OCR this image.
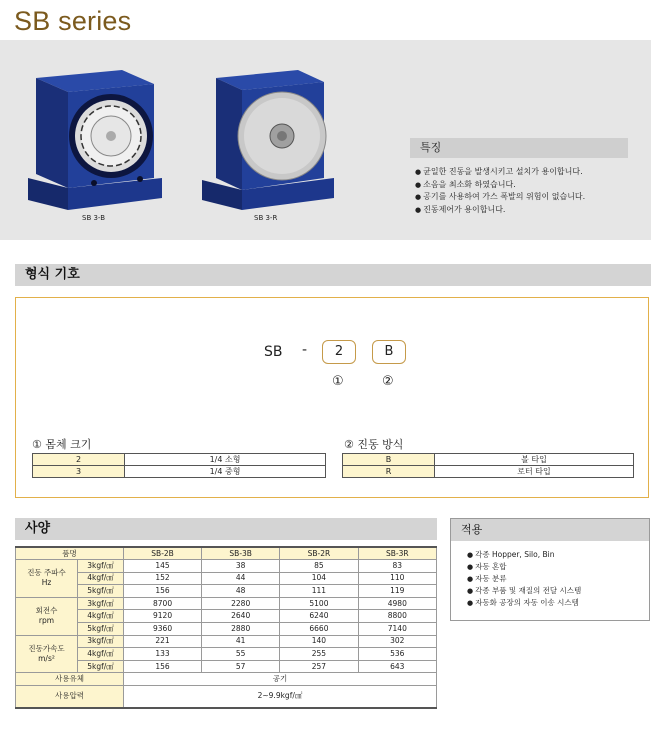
SB series
SB 3-B	SB 3-R
특징
● 균일한 진동을 발생시키고 설치가 용이합니다.
● 소음을 최소화 하였습니다.
● 공기를 사용하여 가스 폭발의 위험이 없습니다.
● 진동제어가 용이합니다.
형식 기호
SB -	2	B
①	②
① 몸체 크기
2	1/4 소형
3	1/4 중형
② 진동 방식
B	볼 타입
R	로터 타입
사양
품명		SB-2B	SB-3B	SB-2R	SB-3R
진동 주파수
Hz	3kgf/㎠	145	38	85	83
	4kgf/㎠	152	44	104	110
	5kgf/㎠	156	48	111	119
회전수
rpm	3kgf/㎠	8700	2280	5100	4980
	4kgf/㎠	9120	2640	6240	8800
	5kgf/㎠	9360	2880	6660	7140
진동가속도
m/s²	3kgf/㎠	221	41	140	302
	4kgf/㎠	133	55	255	536
	5kgf/㎠	156	57	257	643
사용유체		공기			
사용압력		2~9.9kgf/㎠			
적용
● 각종 Hopper, Silo, Bin
● 자동 혼합
● 자동 분류
● 각종 부품 및 재질의 전달 시스템
● 자동화 공장의 자동 이송 시스템
